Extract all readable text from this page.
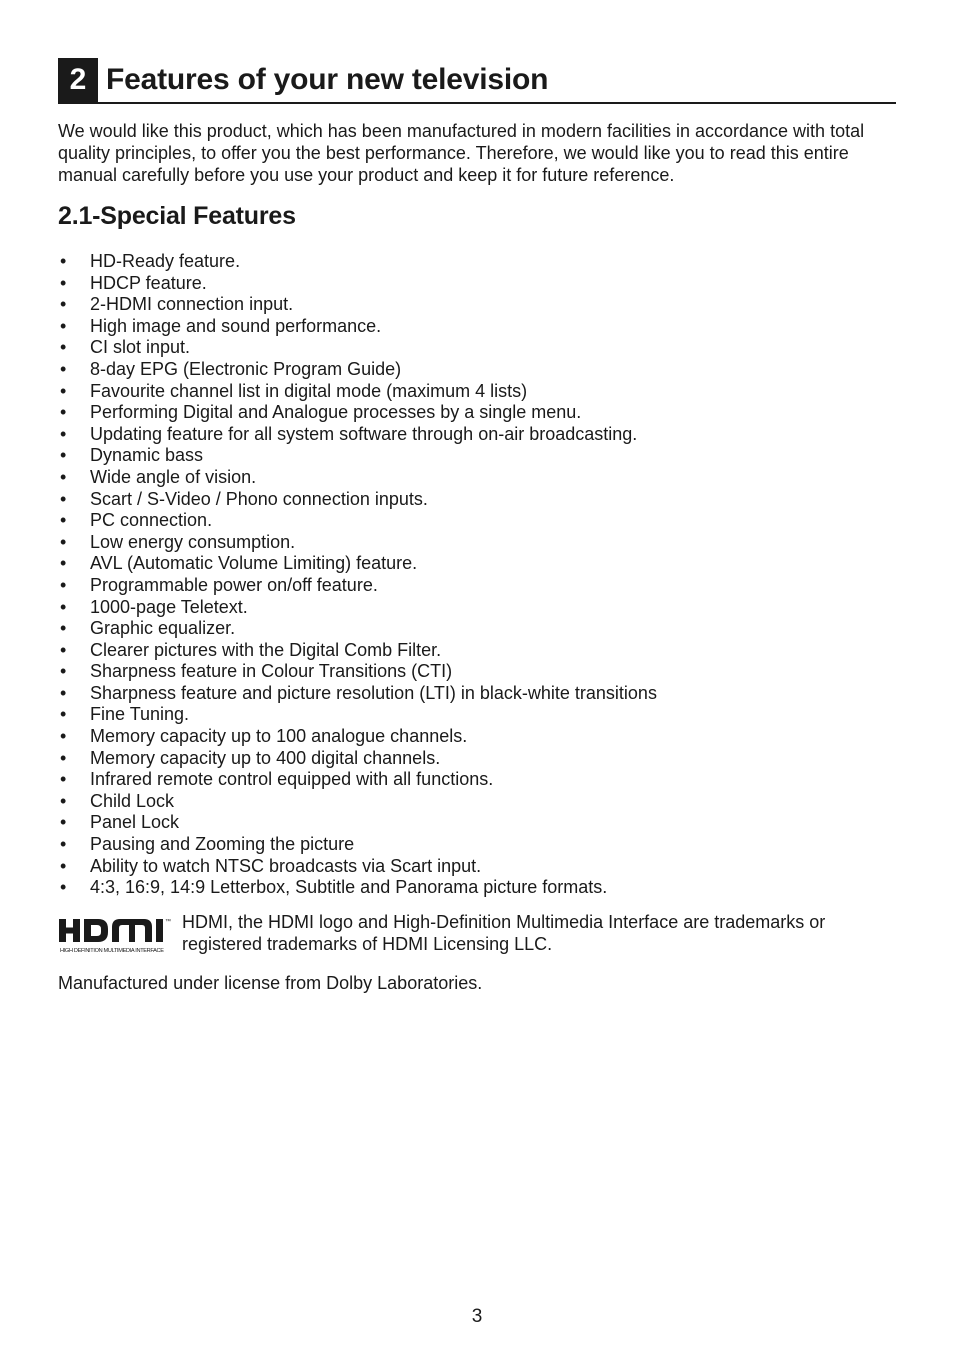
2 Features of your new television

We would like this product, which has been manufactured in modern facilities in accordance with total quality principles, to offer you the best performance. Therefore, we would like you to read this entire manual carefully before you use your product and keep it for future reference.

2.1-Special Features
•	HD-Ready feature.
•	HDCP feature.
•	2-HDMI connection input.
•	High image and sound performance.
•	CI slot input.
•	8-day EPG (Electronic Program Guide)
•	Favourite channel list in digital mode (maximum 4 lists)
•	Performing Digital and Analogue processes by a single menu.
•	Updating feature for all system software through on-air broadcasting.
•	Dynamic bass
•	Wide angle of vision.
•	Scart / S-Video / Phono connection inputs.
•	PC connection.
•	Low energy consumption.
•	AVL (Automatic Volume Limiting) feature.
•	Programmable power on/off feature.
•	1000-page Teletext.
•	Graphic equalizer.
•	Clearer pictures with the Digital Comb Filter.
•	Sharpness feature in Colour Transitions (CTI)
•	Sharpness feature and picture resolution (LTI) in black-white transitions
•	Fine Tuning.
•	Memory capacity up to 100 analogue channels.
•	Memory capacity up to 400 digital channels.
•	Infrared remote control equipped with all functions.
•	Child Lock
•	Panel Lock
•	Pausing and Zooming the picture
•	Ability to watch NTSC broadcasts via Scart input.
•	4:3, 16:9, 14:9 Letterbox, Subtitle and Panorama picture formats.
™
HIGH DEFINITION MULTIMEDIA INTERFACE
HDMI, the HDMI logo and High-Definition Multimedia Interface are trademarks or registered trademarks of HDMI Licensing LLC.

Manufactured under license from Dolby Laboratories.

3
